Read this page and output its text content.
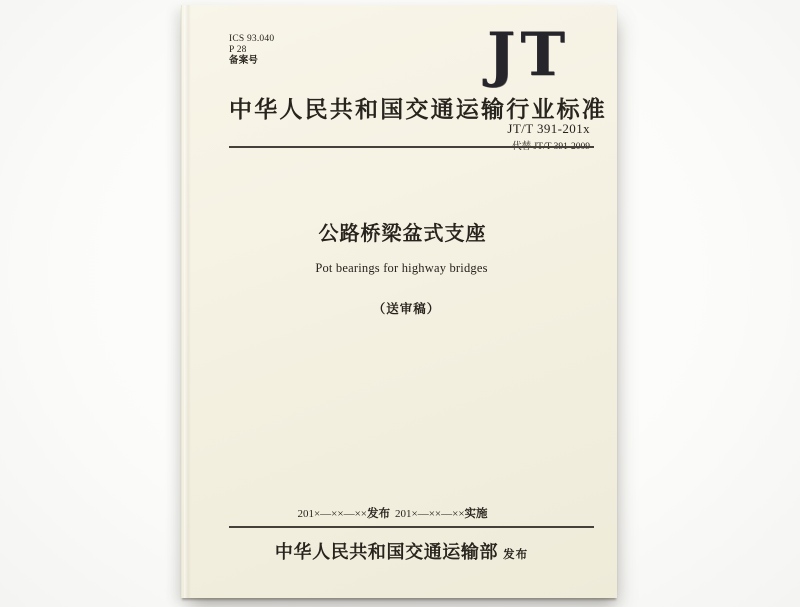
ICS 93.040
P 28
备案号	JT
中华人民共和国交通运输行业标准
JT/T 391-201x
公路桥梁盆式支座
Pot bearings for highway bridges
（送审稿）
201×—××—××发布 201×—××—××实施
中华人民共和国交通运输部 发布
